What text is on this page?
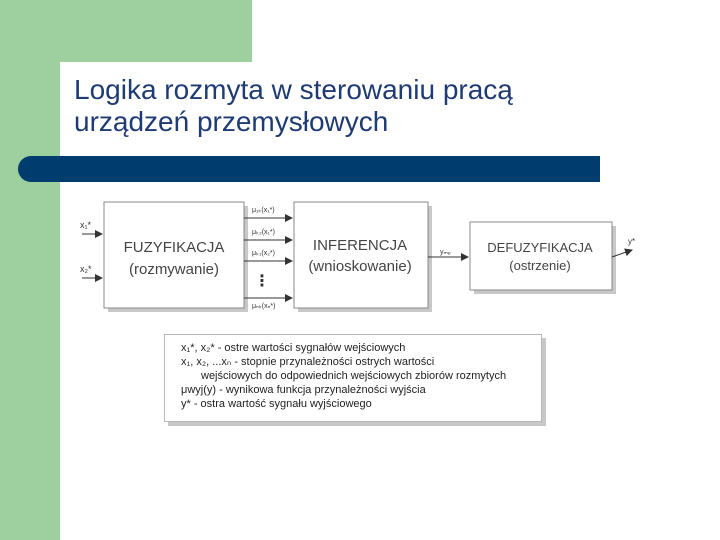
Logika rozmyta w sterowaniu pracą
urządzeń przemysłowych
FUZYFIKACJA
(rozmywanie)
INFERENCJA
(wnioskowanie)
DEFUZYFIKACJA
(ostrzenie)
x₁*
x₂*
μ₁ₖ(x₁*)
μₖ₂(x₁*)
μₖ₁(x₂*)
μₙₖ(xₙ*)
⋮
yₘₚ
y*
x₁*, x₂* - ostre wartości sygnałów wejściowych
x₁, x₂, ...xₙ - stopnie przynależności ostrych wartości
wejściowych do odpowiednich wejściowych zbiorów rozmytych
μwyj(y) - wynikowa funkcja przynależności wyjścia
y* - ostra wartość sygnału wyjściowego
